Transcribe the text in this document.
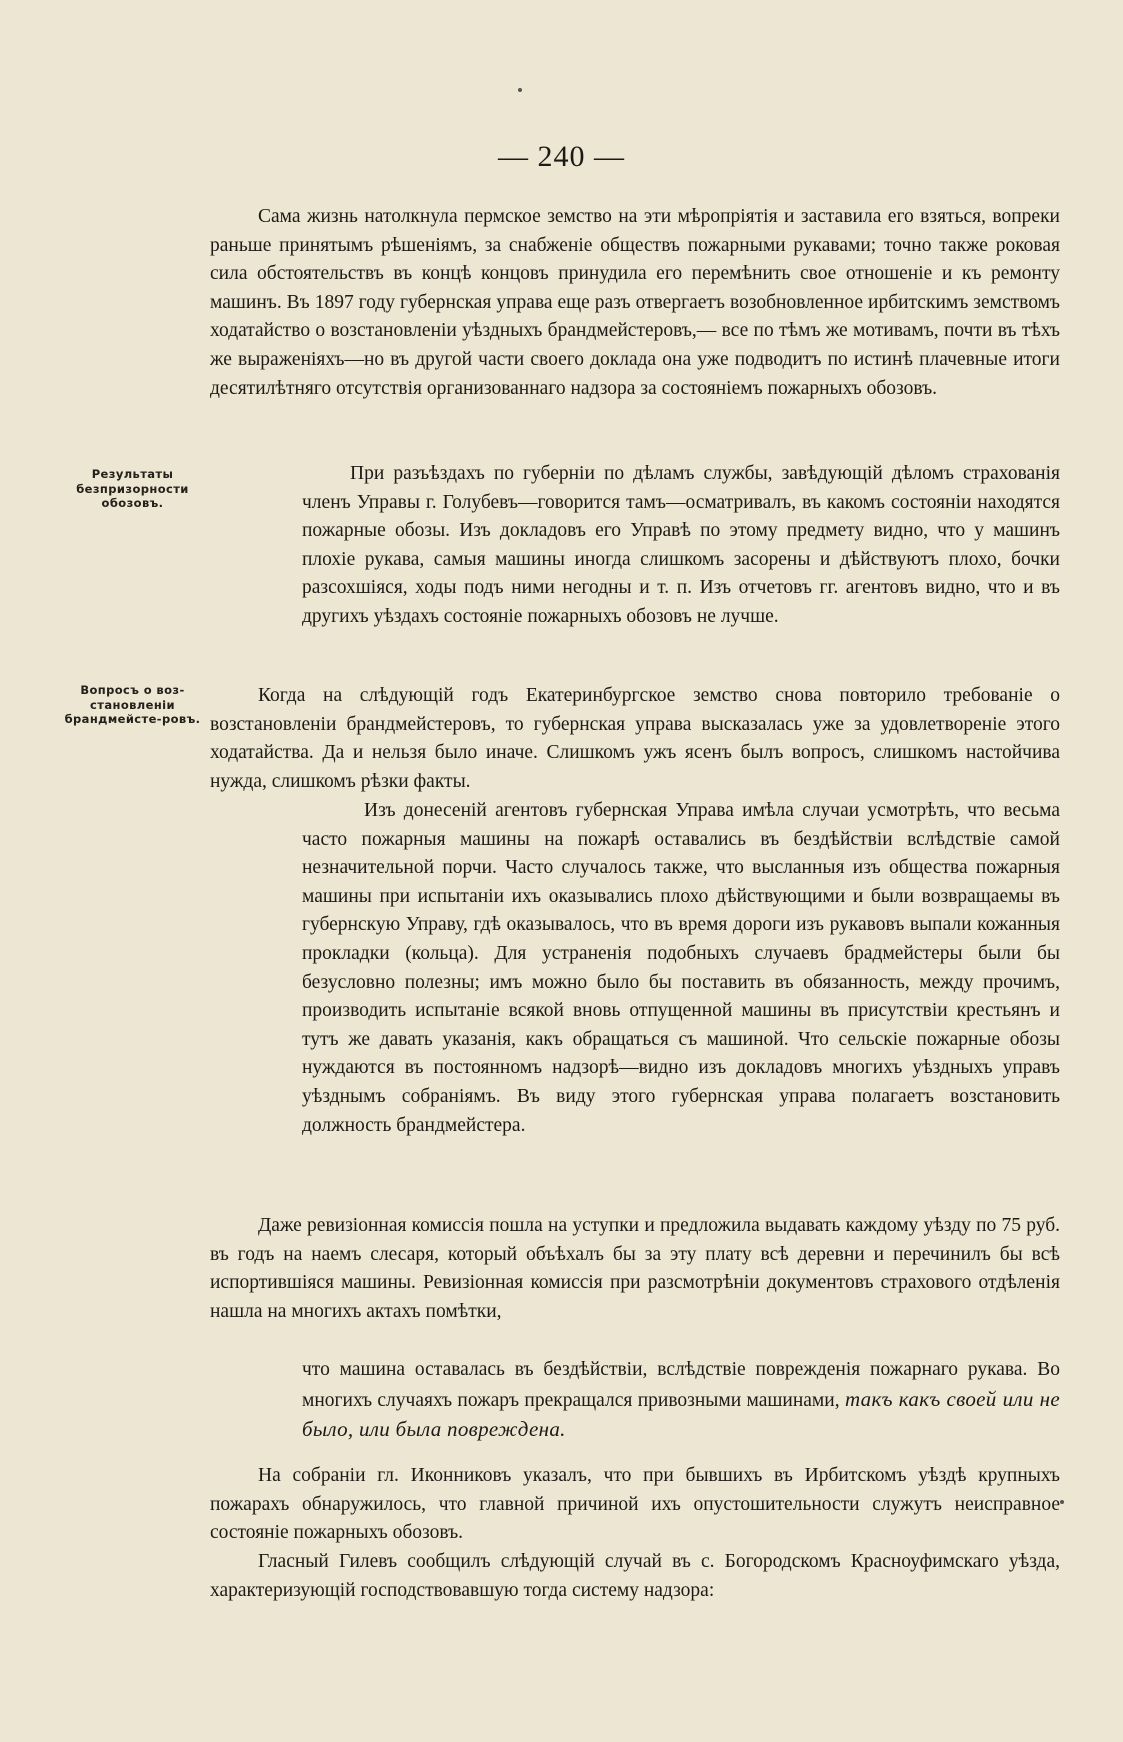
— 240 —

Сама жизнь натолкнула пермское земство на эти мѣропріятія и заставила его взяться, вопреки раньше принятымъ рѣшеніямъ, за снабженіе обществъ пожарными рукавами; точно также роковая сила обстоятельствъ въ концѣ концовъ принудила его перемѣнить свое отношеніе и къ ремонту машинъ. Въ 1897 году губернская управа еще разъ отвергаетъ возобновленное ирбитскимъ земствомъ ходатайство о возстановленіи уѣздныхъ брандмейстеровъ,— все по тѣмъ же мотивамъ, почти въ тѣхъ же выраженіяхъ—но въ другой части своего доклада она уже подводитъ по истинѣ плачевные итоги десятилѣтняго отсутствія организованнаго надзора за состояніемъ пожарныхъ обозовъ.

Результаты безпризорности обозовъ.

При разъѣздахъ по губерніи по дѣламъ службы, завѣдующій дѣломъ страхованія членъ Управы г. Голубевъ—говорится тамъ—осматривалъ, въ какомъ состояніи находятся пожарные обозы. Изъ докладовъ его Управѣ по этому предмету видно, что у машинъ плохіе рукава, самыя машины иногда слишкомъ засорены и дѣйствуютъ плохо, бочки разсохшіяся, ходы подъ ними негодны и т. п. Изъ отчетовъ гг. агентовъ видно, что и въ другихъ уѣздахъ состояніе пожарныхъ обозовъ не лучше.

Вопросъ о воз-становленіи брандмейсте-ровъ.

Когда на слѣдующій годъ Екатеринбургское земство снова повторило требованіе о возстановленіи брандмейстеровъ, то губернская управа высказалась уже за удовлетвореніе этого ходатайства. Да и нельзя было иначе. Слишкомъ ужъ ясенъ былъ вопросъ, слишкомъ настойчива нужда, слишкомъ рѣзки факты.

Изъ донесеній агентовъ губернская Управа имѣла случаи усмотрѣть, что весьма часто пожарныя машины на пожарѣ оставались въ бездѣйствіи вслѣдствіе самой незначительной порчи. Часто случалось также, что высланныя изъ общества пожарныя машины при испытаніи ихъ оказывались плохо дѣйствующими и были возвращаемы въ губернскую Управу, гдѣ оказывалось, что въ время дороги изъ рукавовъ выпали кожанныя прокладки (кольца). Для устраненія подобныхъ случаевъ брадмейстеры были бы безусловно полезны; имъ можно было бы поставить въ обязанность, между прочимъ, производить испытаніе всякой вновь отпущенной машины въ присутствіи крестьянъ и тутъ же давать указанія, какъ обращаться съ машиной. Что сельскіе пожарные обозы нуждаются въ постоянномъ надзорѣ—видно изъ докладовъ многихъ уѣздныхъ управъ уѣзднымъ собраніямъ. Въ виду этого губернская управа полагаетъ возстановить должность брандмейстера.

Даже ревизіонная комиссія пошла на уступки и предложила выдавать каждому уѣзду по 75 руб. въ годъ на наемъ слесаря, который объѣхалъ бы за эту плату всѣ деревни и перечинилъ бы всѣ испортившіяся машины. Ревизіонная комиссія при разсмотрѣніи документовъ страхового отдѣленія нашла на многихъ актахъ помѣтки,

что машина оставалась въ бездѣйствіи, вслѣдствіе поврежденія пожарнаго рукава. Во многихъ случаяхъ пожаръ прекращался привозными машинами, такъ какъ своей или не было, или была повреждена.

На собраніи гл. Иконниковъ указалъ, что при бывшихъ въ Ирбитскомъ уѣздѣ крупныхъ пожарахъ обнаружилось, что главной причиной ихъ опустошительности служутъ неисправное состояніе пожарныхъ обозовъ.

Гласный Гилевъ сообщилъ слѣдующій случай въ с. Богородскомъ Красноуфимскаго уѣзда, характеризующій господствовавшую тогда систему надзора:
